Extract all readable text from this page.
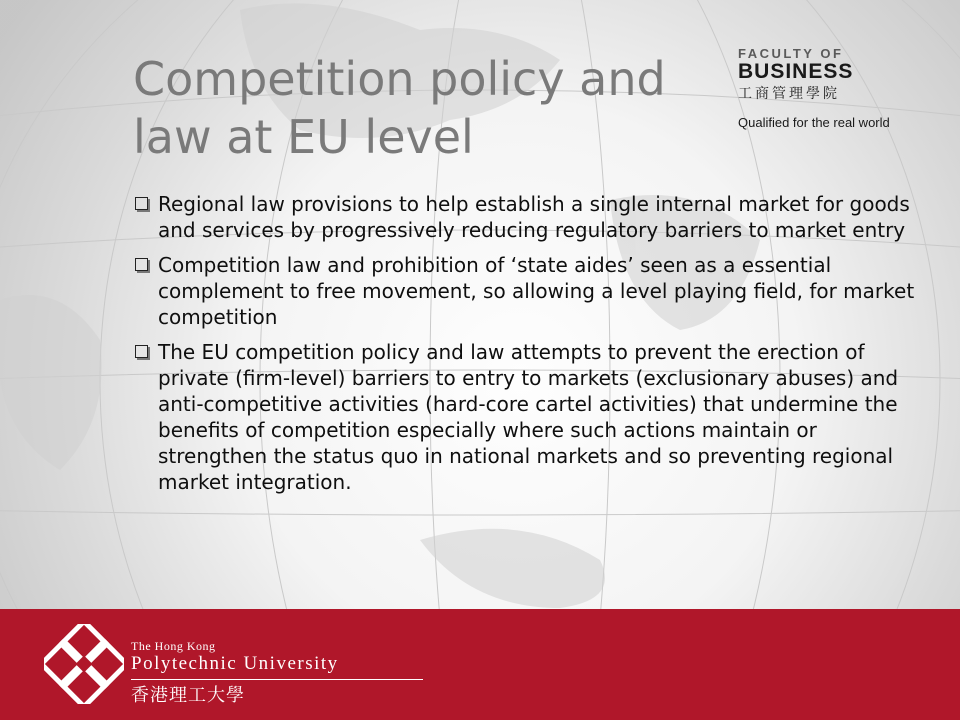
Competition policy and law at EU level
FACULTY OF
BUSINESS
工商管理學院
Qualified for the real world
Regional law provisions to help establish a single internal market for goods and services by progressively reducing regulatory barriers to market entry
Competition law and prohibition of ‘state aides’ seen as a essential complement to free movement, so allowing a level playing field, for market competition
The EU competition policy and law attempts to prevent the erection of private (firm-level) barriers to entry to markets (exclusionary abuses) and anti-competitive activities (hard-core cartel activities) that undermine the benefits of competition especially where such actions maintain or strengthen the status quo in national markets and so preventing regional market integration.
The Hong Kong
Polytechnic University
香港理工大學
